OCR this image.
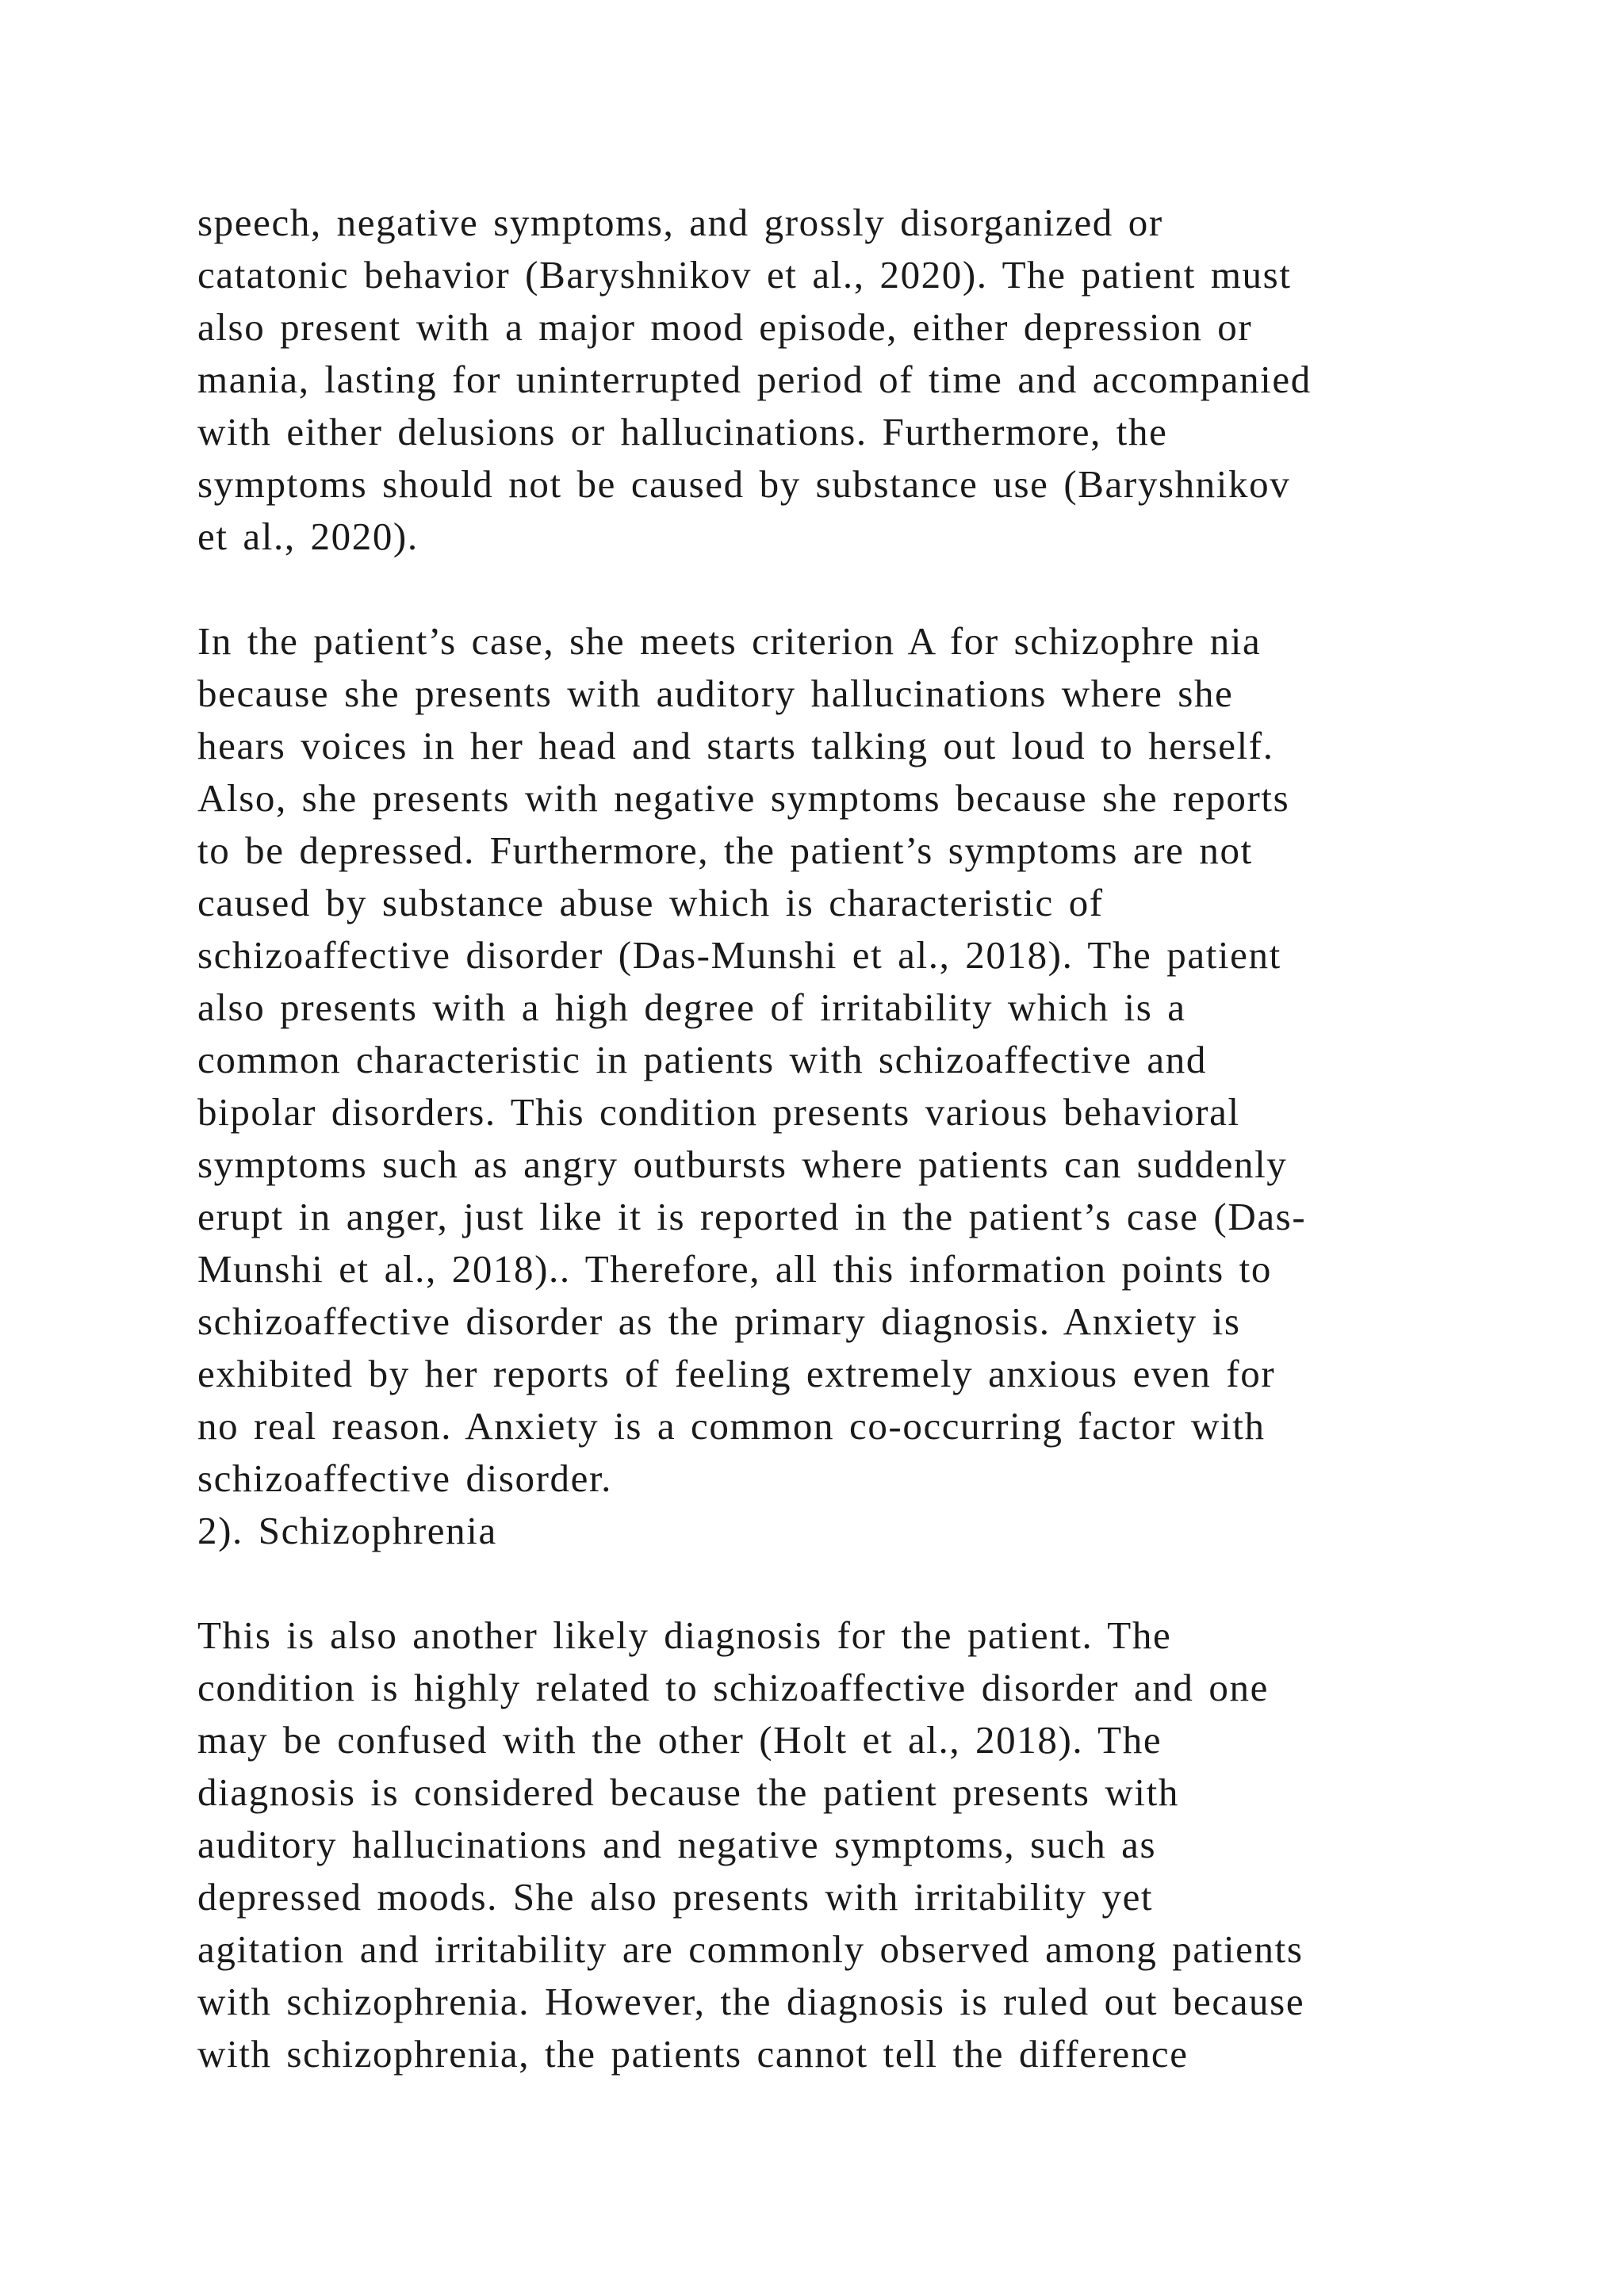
speech, negative symptoms, and grossly disorganized or

catatonic behavior (Baryshnikov et al., 2020). The patient must

also present with a major mood episode, either depression or

mania, lasting for uninterrupted period of time and accompanied

with either delusions or hallucinations. Furthermore, the

symptoms should not be caused by substance use (Baryshnikov

et al., 2020).

In the patient’s case, she meets criterion A for schizophre nia

because she presents with auditory hallucinations where she

hears voices in her head and starts talking out loud to herself.

Also, she presents with negative symptoms because she reports

to be depressed. Furthermore, the patient’s symptoms are not

caused by substance abuse which is characteristic of

schizoaffective disorder (Das-Munshi et al., 2018). The patient

also presents with a high degree of irritability which is a

common characteristic in patients with schizoaffective and

bipolar disorders. This condition presents various behavioral

symptoms such as angry outbursts where patients can suddenly

erupt in anger, just like it is reported in the patient’s case (Das-

Munshi et al., 2018).. Therefore, all this information points to

schizoaffective disorder as the primary diagnosis. Anxiety is

exhibited by her reports of feeling extremely anxious even for

no real reason. Anxiety is a common co-occurring factor with

schizoaffective disorder.

2). Schizophrenia

This is also another likely diagnosis for the patient. The

condition is highly related to schizoaffective disorder and one

may be confused with the other (Holt et al., 2018). The

diagnosis is considered because the patient presents with

auditory hallucinations and negative symptoms, such as

depressed moods. She also presents with irritability yet

agitation and irritability are commonly observed among patients

with schizophrenia. However, the diagnosis is ruled out because

with schizophrenia, the patients cannot tell the difference
